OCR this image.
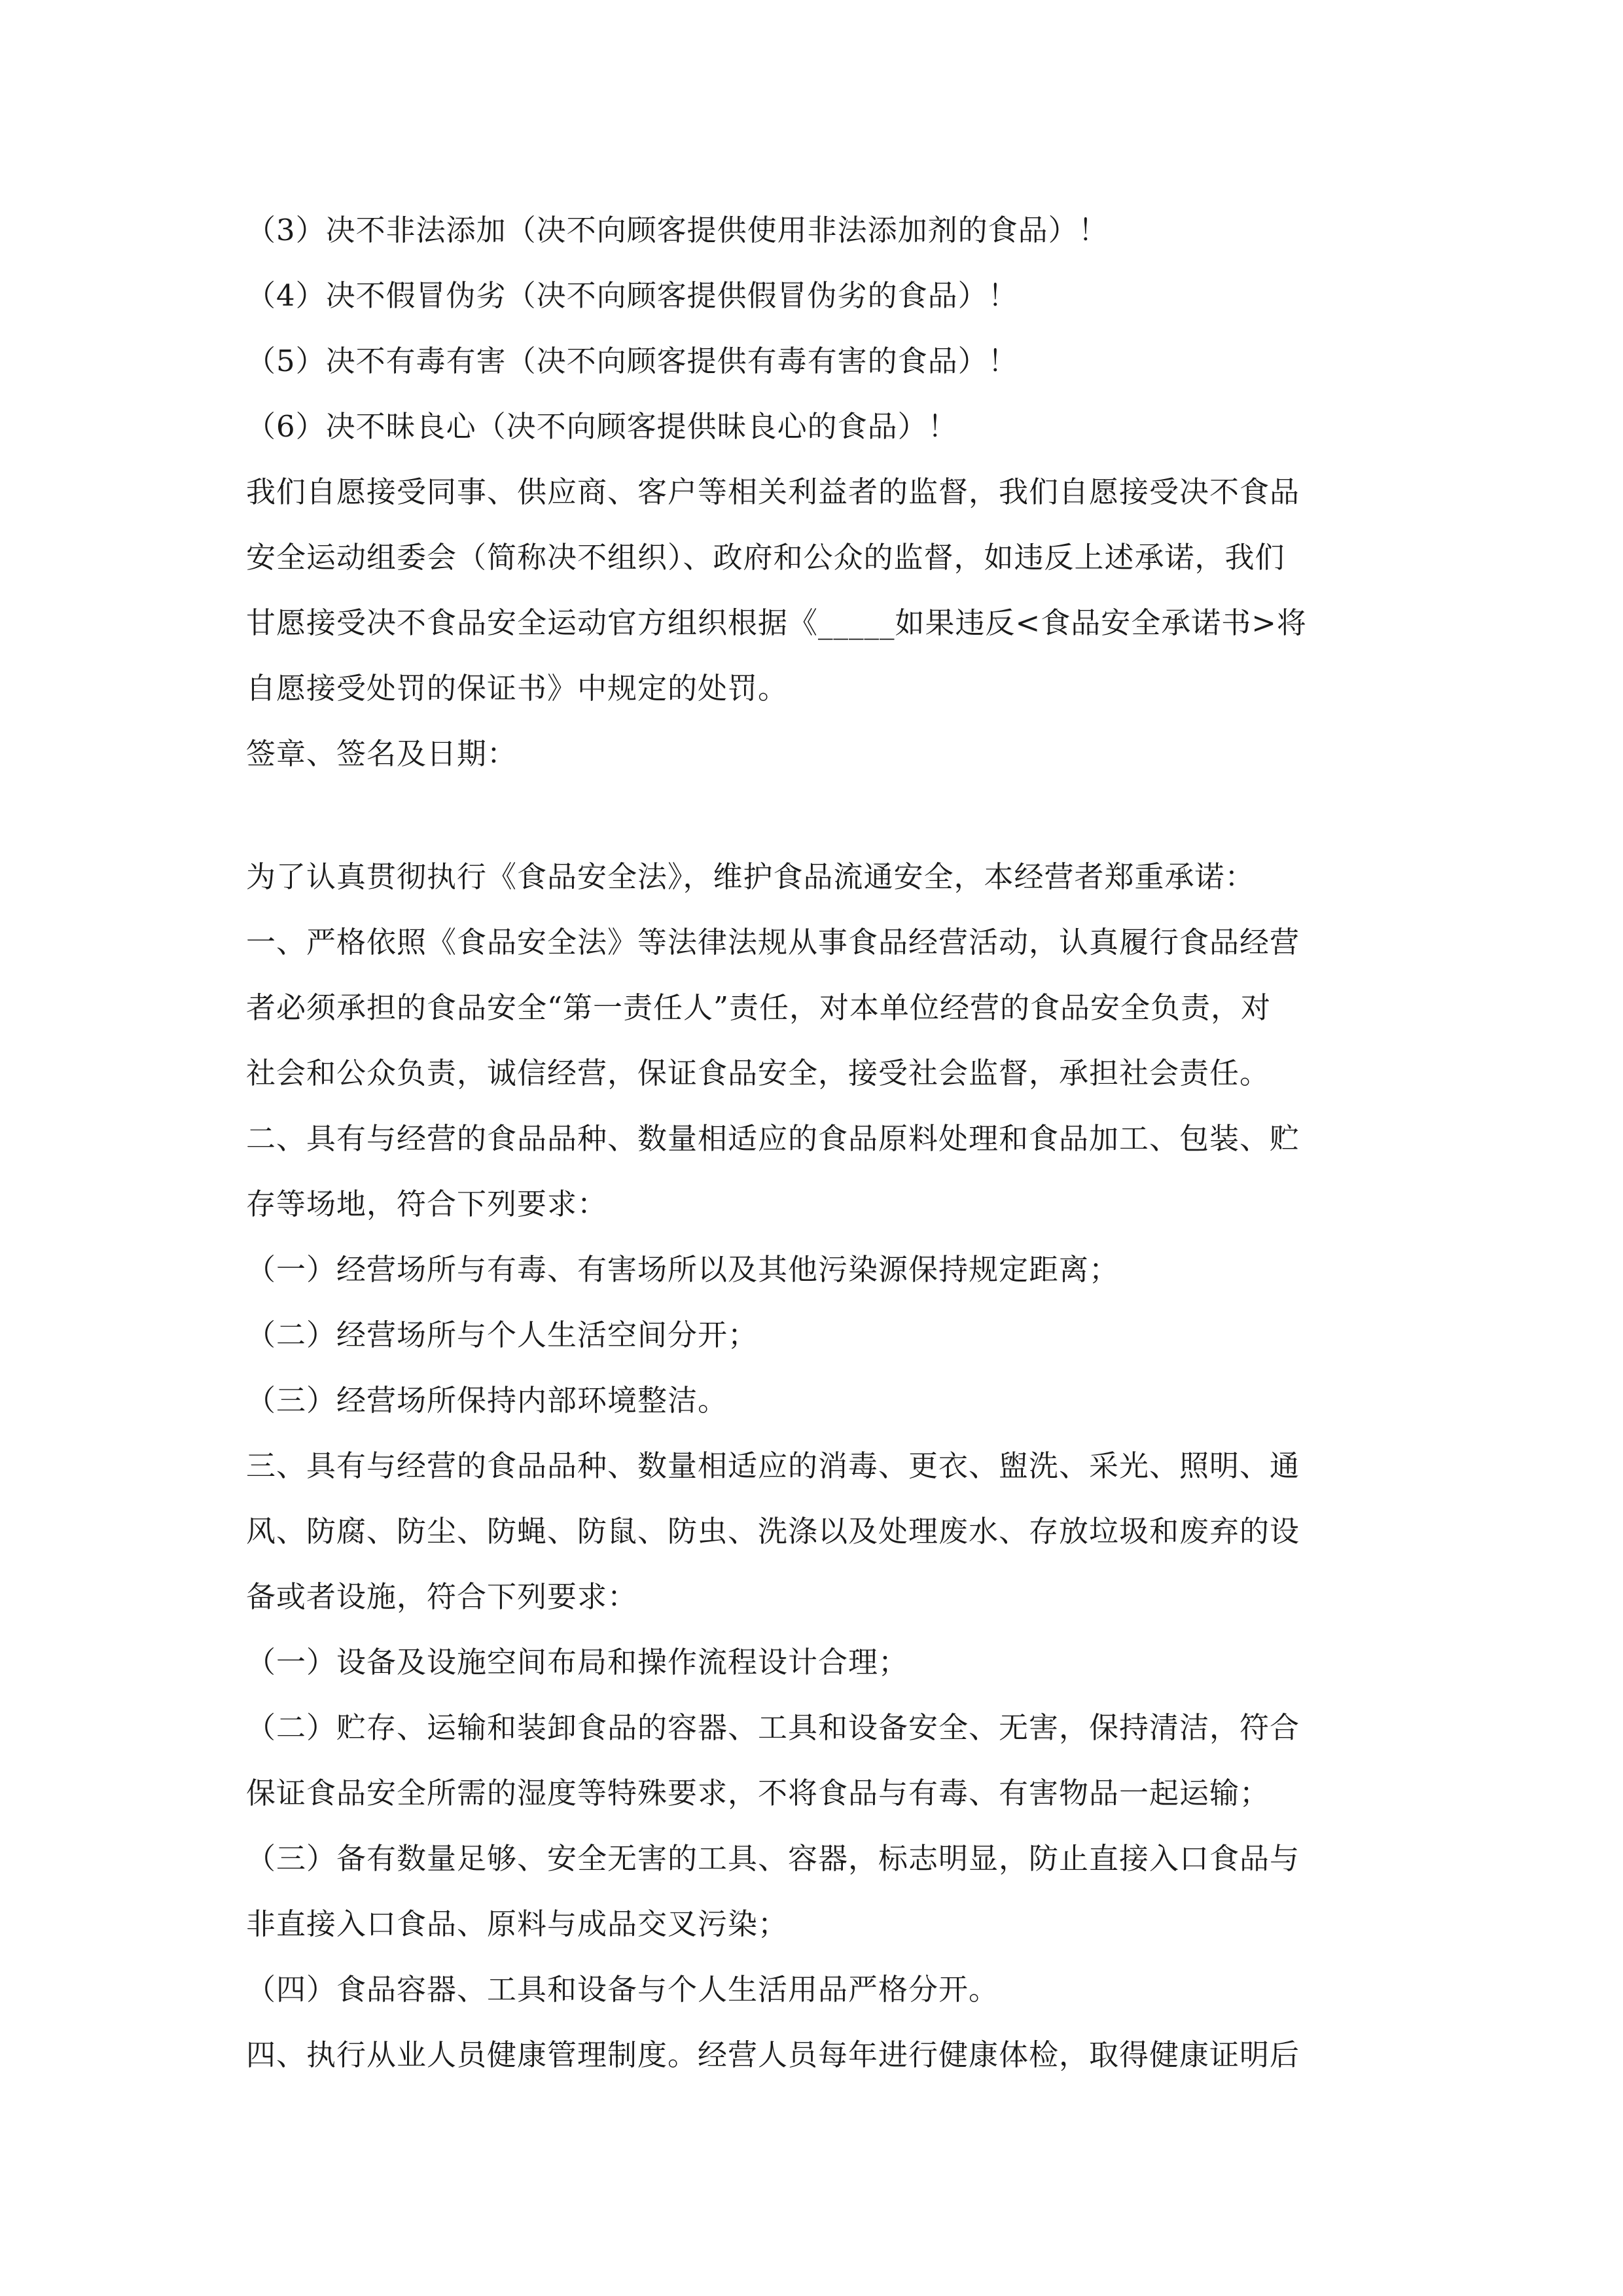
（3）决不非法添加（决不向顾客提供使用非法添加剂的食品）！
（4）决不假冒伪劣（决不向顾客提供假冒伪劣的食品）！
（5）决不有毒有害（决不向顾客提供有毒有害的食品）！
（6）决不昧良心（决不向顾客提供昧良心的食品）！
我们自愿接受同事、供应商、客户等相关利益者的监督，我们自愿接受决不食品
安全运动组委会（简称决不组织）、政府和公众的监督，如违反上述承诺，我们
甘愿接受决不食品安全运动官方组织根据《_____如果违反<食品安全承诺书>将
自愿接受处罚的保证书》中规定的处罚。
签章、签名及日期：
为了认真贯彻执行《食品安全法》，维护食品流通安全，本经营者郑重承诺：
一、严格依照《食品安全法》等法律法规从事食品经营活动，认真履行食品经营
者必须承担的食品安全“第一责任人”责任，对本单位经营的食品安全负责，对
社会和公众负责，诚信经营，保证食品安全，接受社会监督，承担社会责任。
二、具有与经营的食品品种、数量相适应的食品原料处理和食品加工、包装、贮
存等场地，符合下列要求：
（一）经营场所与有毒、有害场所以及其他污染源保持规定距离；
（二）经营场所与个人生活空间分开；
（三）经营场所保持内部环境整洁。
三、具有与经营的食品品种、数量相适应的消毒、更衣、盥洗、采光、照明、通
风、防腐、防尘、防蝇、防鼠、防虫、洗涤以及处理废水、存放垃圾和废弃的设
备或者设施，符合下列要求：
（一）设备及设施空间布局和操作流程设计合理；
（二）贮存、运输和装卸食品的容器、工具和设备安全、无害，保持清洁，符合
保证食品安全所需的湿度等特殊要求，不将食品与有毒、有害物品一起运输；
（三）备有数量足够、安全无害的工具、容器，标志明显，防止直接入口食品与
非直接入口食品、原料与成品交叉污染；
（四）食品容器、工具和设备与个人生活用品严格分开。
四、执行从业人员健康管理制度。经营人员每年进行健康体检，取得健康证明后
